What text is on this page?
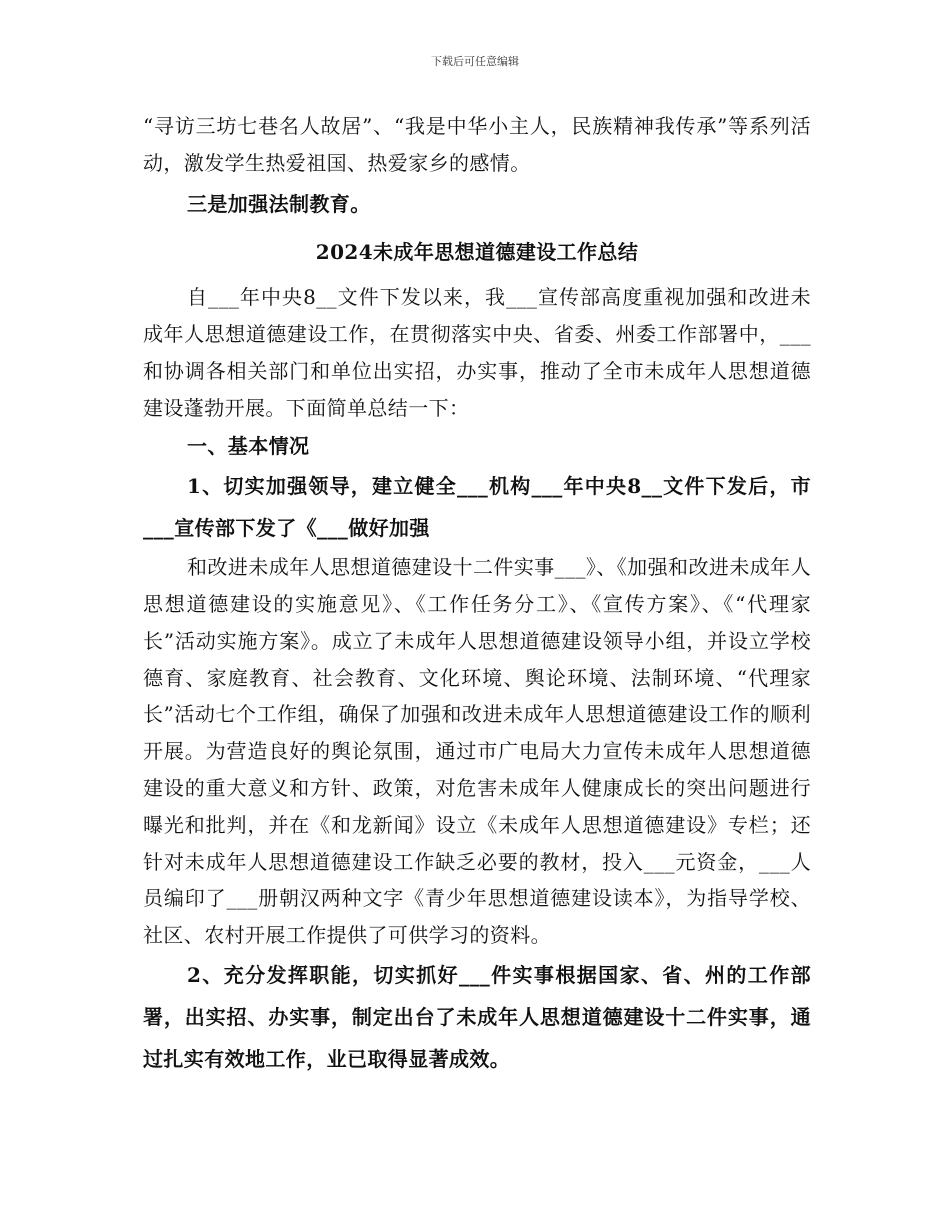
下载后可任意编辑

“寻访三坊七巷名人故居”、“我是中华小主人，民族精神我传承”等系列活动，激发学生热爱祖国、热爱家乡的感情。

三是加强法制教育。

2024未成年思想道德建设工作总结

自___年中央8__文件下发以来，我___宣传部高度重视加强和改进未成年人思想道德建设工作，在贯彻落实中央、省委、州委工作部署中，___和协调各相关部门和单位出实招，办实事，推动了全市未成年人思想道德建设蓬勃开展。下面简单总结一下：

一、基本情况

1、切实加强领导，建立健全___机构___年中央8__文件下发后，市___宣传部下发了《___做好加强

和改进未成年人思想道德建设十二件实事___》、《加强和改进未成年人思想道德建设的实施意见》、《工作任务分工》、《宣传方案》、《“代理家长”活动实施方案》。成立了未成年人思想道德建设领导小组，并设立学校德育、家庭教育、社会教育、文化环境、舆论环境、法制环境、“代理家长”活动七个工作组，确保了加强和改进未成年人思想道德建设工作的顺利开展。为营造良好的舆论氛围，通过市广电局大力宣传未成年人思想道德建设的重大意义和方针、政策，对危害未成年人健康成长的突出问题进行曝光和批判，并在《和龙新闻》设立《未成年人思想道德建设》专栏；还针对未成年人思想道德建设工作缺乏必要的教材，投入___元资金，___人员编印了___册朝汉两种文字《青少年思想道德建设读本》，为指导学校、社区、农村开展工作提供了可供学习的资料。

2、充分发挥职能，切实抓好___件实事根据国家、省、州的工作部署，出实招、办实事，制定出台了未成年人思想道德建设十二件实事，通过扎实有效地工作，业已取得显著成效。
